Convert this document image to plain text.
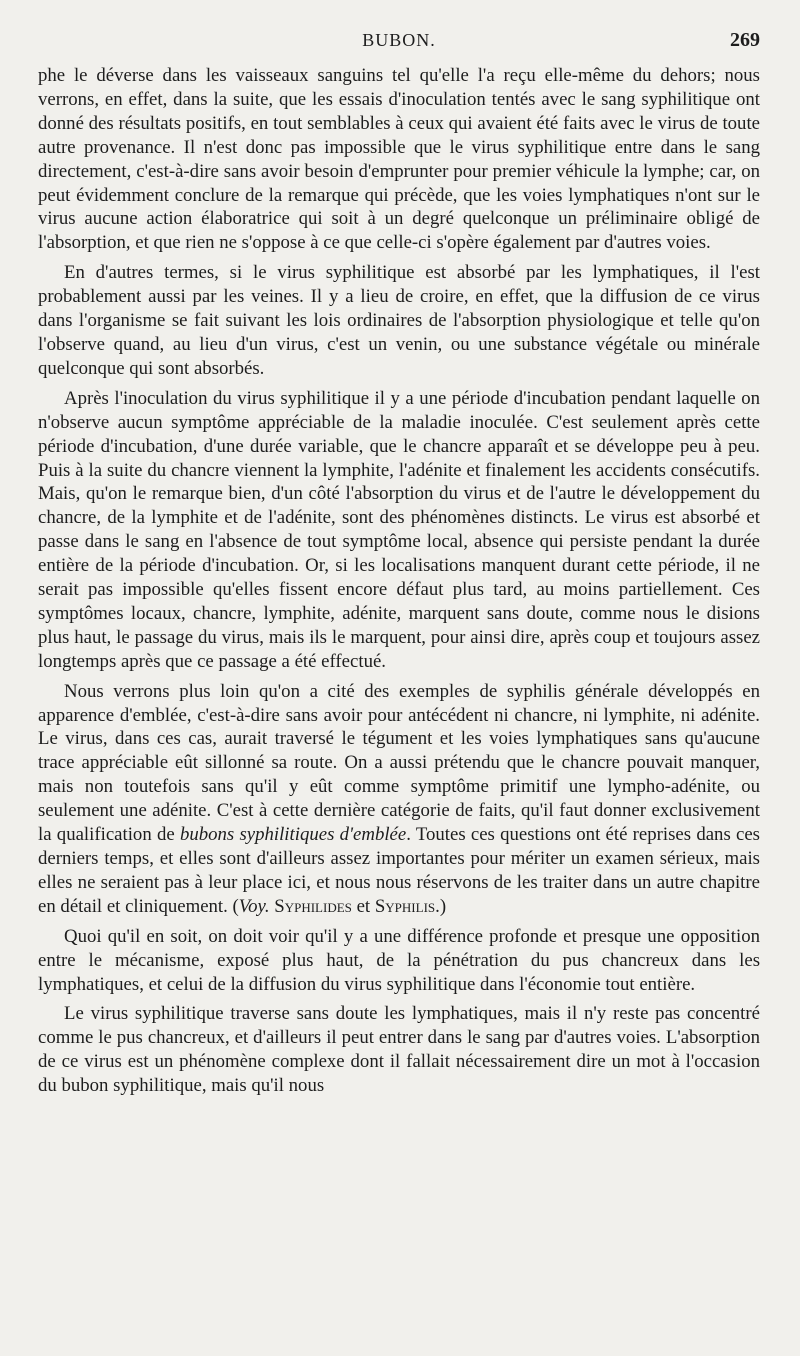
BUBON.	269

phe le déverse dans les vaisseaux sanguins tel qu'elle l'a reçu elle-même du dehors; nous verrons, en effet, dans la suite, que les essais d'inoculation tentés avec le sang syphilitique ont donné des résultats positifs, en tout semblables à ceux qui avaient été faits avec le virus de toute autre provenance. Il n'est donc pas impossible que le virus syphilitique entre dans le sang directement, c'est-à-dire sans avoir besoin d'emprunter pour premier véhicule la lymphe; car, on peut évidemment conclure de la remarque qui précède, que les voies lymphatiques n'ont sur le virus aucune action élaboratrice qui soit à un degré quelconque un préliminaire obligé de l'absorption, et que rien ne s'oppose à ce que celle-ci s'opère également par d'autres voies.

En d'autres termes, si le virus syphilitique est absorbé par les lymphatiques, il l'est probablement aussi par les veines. Il y a lieu de croire, en effet, que la diffusion de ce virus dans l'organisme se fait suivant les lois ordinaires de l'absorption physiologique et telle qu'on l'observe quand, au lieu d'un virus, c'est un venin, ou une substance végétale ou minérale quelconque qui sont absorbés.

Après l'inoculation du virus syphilitique il y a une période d'incubation pendant laquelle on n'observe aucun symptôme appréciable de la maladie inoculée. C'est seulement après cette période d'incubation, d'une durée variable, que le chancre apparaît et se développe peu à peu. Puis à la suite du chancre viennent la lymphite, l'adénite et finalement les accidents consécutifs. Mais, qu'on le remarque bien, d'un côté l'absorption du virus et de l'autre le développement du chancre, de la lymphite et de l'adénite, sont des phénomènes distincts. Le virus est absorbé et passe dans le sang en l'absence de tout symptôme local, absence qui persiste pendant la durée entière de la période d'incubation. Or, si les localisations manquent durant cette période, il ne serait pas impossible qu'elles fissent encore défaut plus tard, au moins partiellement. Ces symptômes locaux, chancre, lymphite, adénite, marquent sans doute, comme nous le disions plus haut, le passage du virus, mais ils le marquent, pour ainsi dire, après coup et toujours assez longtemps après que ce passage a été effectué.

Nous verrons plus loin qu'on a cité des exemples de syphilis générale développés en apparence d'emblée, c'est-à-dire sans avoir pour antécédent ni chancre, ni lymphite, ni adénite. Le virus, dans ces cas, aurait traversé le tégument et les voies lymphatiques sans qu'aucune trace appréciable eût sillonné sa route. On a aussi prétendu que le chancre pouvait manquer, mais non toutefois sans qu'il y eût comme symptôme primitif une lympho-adénite, ou seulement une adénite. C'est à cette dernière catégorie de faits, qu'il faut donner exclusivement la qualification de bubons syphilitiques d'emblée. Toutes ces questions ont été reprises dans ces derniers temps, et elles sont d'ailleurs assez importantes pour mériter un examen sérieux, mais elles ne seraient pas à leur place ici, et nous nous réservons de les traiter dans un autre chapitre en détail et cliniquement. (Voy. Syphilides et Syphilis.)

Quoi qu'il en soit, on doit voir qu'il y a une différence profonde et presque une opposition entre le mécanisme, exposé plus haut, de la pénétration du pus chancreux dans les lymphatiques, et celui de la diffusion du virus syphilitique dans l'économie tout entière.

Le virus syphilitique traverse sans doute les lymphatiques, mais il n'y reste pas concentré comme le pus chancreux, et d'ailleurs il peut entrer dans le sang par d'autres voies. L'absorption de ce virus est un phénomène complexe dont il fallait nécessairement dire un mot à l'occasion du bubon syphilitique, mais qu'il nous
